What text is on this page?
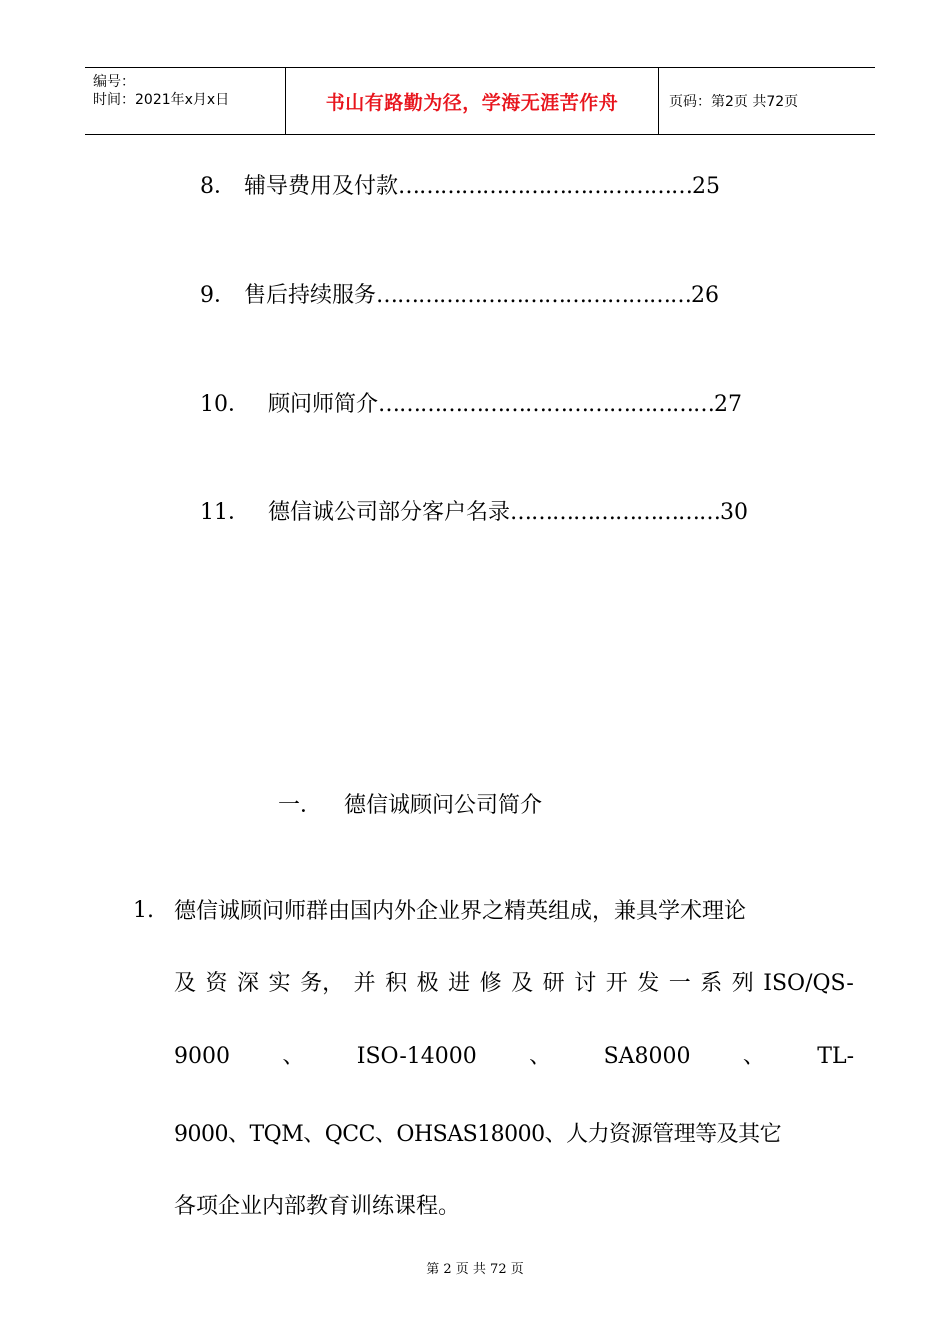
编号：
时间：2021年x月x日	书山有路勤为径，学海无涯苦作舟	页码：第2页 共72页
8． 辅导费用及付款……………………………………25
9． 售后持续服务………………………………………26
10． 顾问师简介…………………………………………27
11． 德信诚公司部分客户名录…………………………30
一． 德信诚顾问公司简介
1. 德信诚顾问师群由国内外企业界之精英组成，兼具学术理论
及 资 深 实 务， 并 积 极 进 修 及 研 讨 开 发 一 系 列 ISO/QS-
9000 、 ISO-14000 、 SA8000 、 TL-
9000、TQM、QCC、OHSAS18000、人力资源管理等及其它
各项企业内部教育训练课程。
第 2 页 共 72 页
